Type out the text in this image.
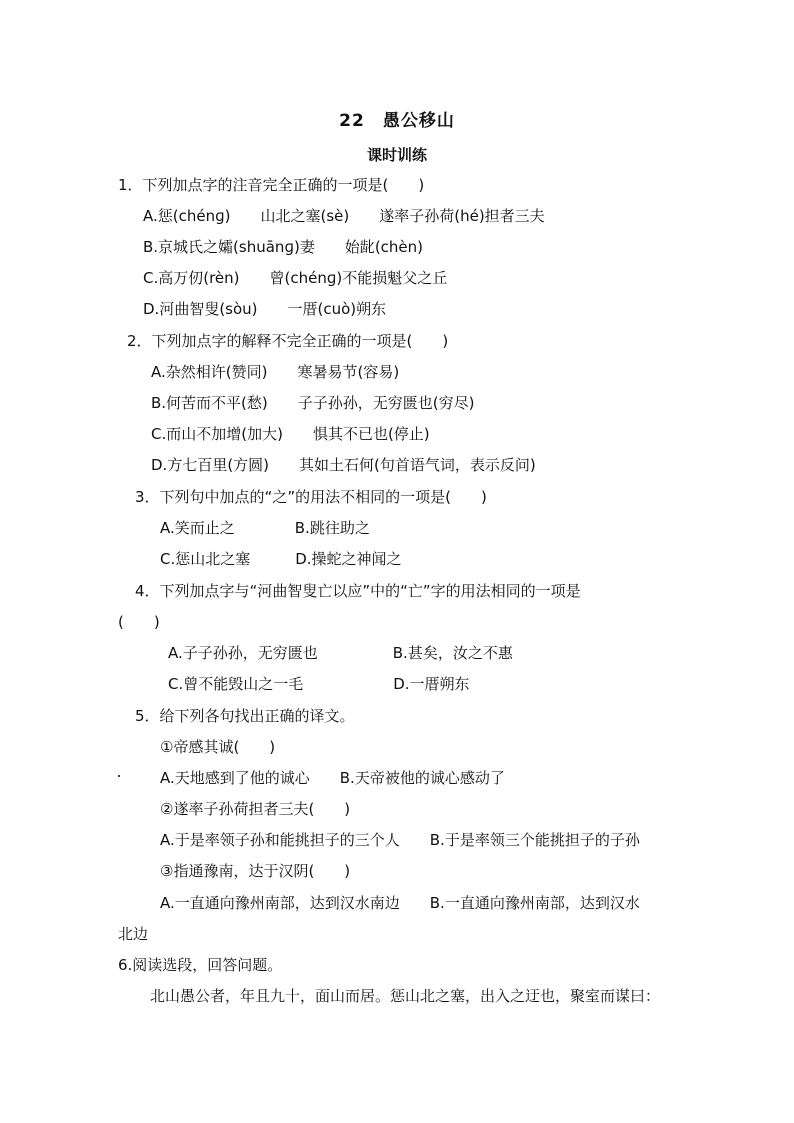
22　愚公移山
课时训练
1．下列加点字的注音完全正确的一项是(　　)
A.惩(chénɡ)　　山北之塞(sè)　　遂率子孙荷(hé)担者三夫
B.京城氏之孀(shuānɡ)妻　　始龀(chèn)
C.高万仞(rèn)　　曾(chénɡ)不能损魁父之丘
D.河曲智叟(sòu)　　一厝(cuò)朔东
2．下列加点字的解释不完全正确的一项是(　　)
A.杂然相许(赞同)　　寒暑易节(容易)
B.何苦而不平(愁)　　子子孙孙，无穷匮也(穷尽)
C.而山不加增(加大)　　惧其不已也(停止)
D.方七百里(方圆)　　其如土石何(句首语气词，表示反问)
3．下列句中加点的“之”的用法不相同的一项是(　　)
A.笑而止之　　　　B.跳往助之
C.惩山北之塞　　　D.操蛇之神闻之
4．下列加点字与“河曲智叟亡以应”中的“亡”字的用法相同的一项是
(　　)
A.子子孙孙，无穷匮也　　　　　B.甚矣，汝之不惠
C.曾不能毁山之一毛　　　　　　D.一厝朔东
5．给下列各句找出正确的译文。
①帝感其诚(　　)
A.天地感到了他的诚心　　B.天帝被他的诚心感动了
②遂率子孙荷担者三夫(　　)
A.于是率领子孙和能挑担子的三个人　　B.于是率领三个能挑担子的子孙
③指通豫南，达于汉阴(　　)
A.一直通向豫州南部，达到汉水南边　　B.一直通向豫州南部，达到汉水
北边
6.阅读选段，回答问题。
北山愚公者，年且九十，面山而居。惩山北之塞，出入之迂也，聚室而谋曰：
